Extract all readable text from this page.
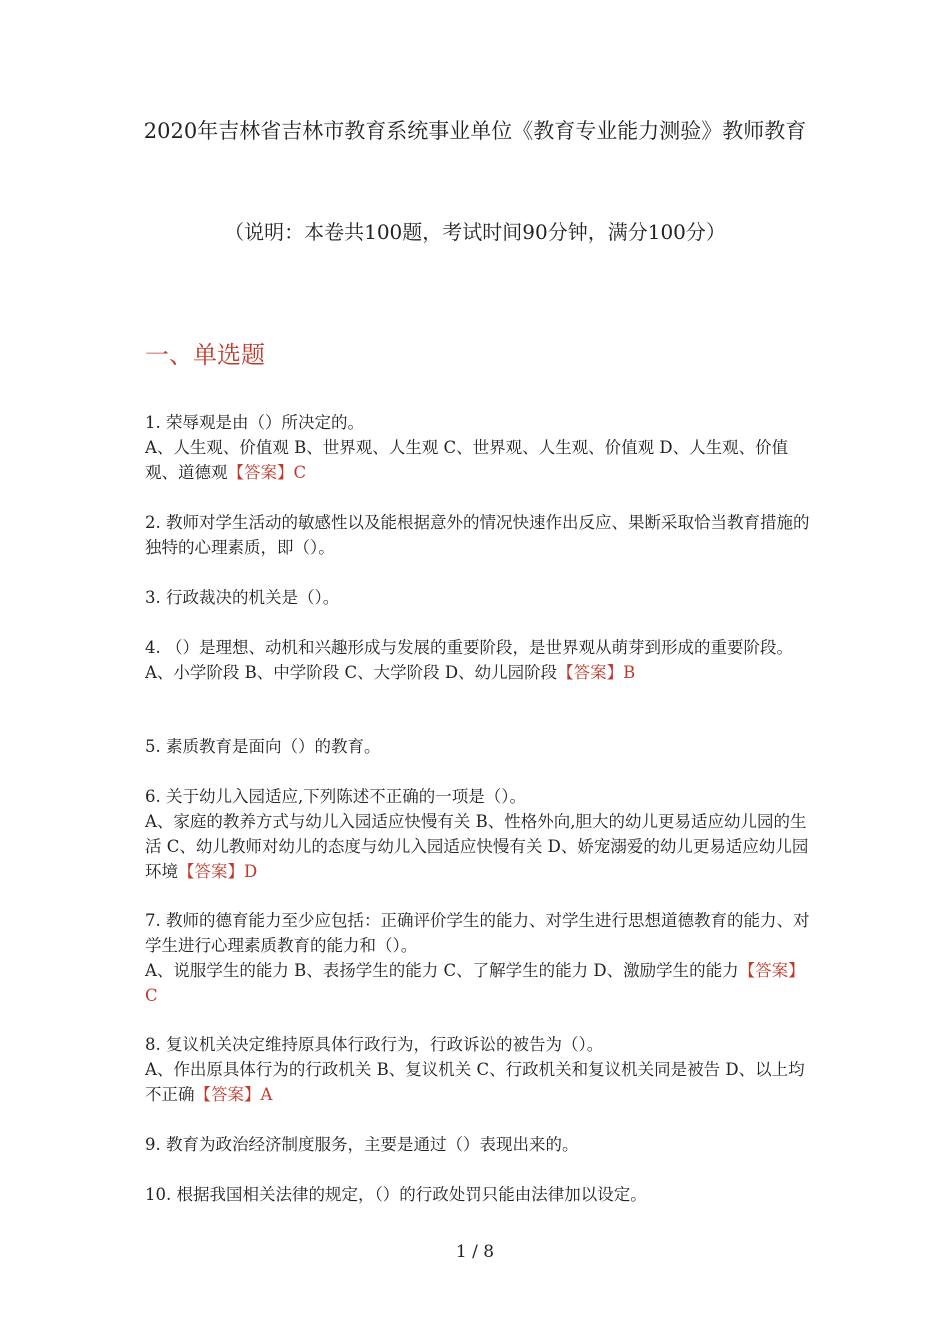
2020年吉林省吉林市教育系统事业单位《教育专业能力测验》教师教育
（说明：本卷共100题，考试时间90分钟，满分100分）
一、单选题

1. 荣辱观是由（）所决定的。

A、人生观、价值观 B、世界观、人生观 C、世界观、人生观、价值观 D、人生观、价值观、道德观【答案】C

2. 教师对学生活动的敏感性以及能根据意外的情况快速作出反应、果断采取恰当教育措施的独特的心理素质，即（）。

3. 行政裁决的机关是（）。

4. （）是理想、动机和兴趣形成与发展的重要阶段，是世界观从萌芽到形成的重要阶段。

A、小学阶段 B、中学阶段 C、大学阶段 D、幼儿园阶段【答案】B

5. 素质教育是面向（）的教育。

6. 关于幼儿入园适应,下列陈述不正确的一项是（）。

A、家庭的教养方式与幼儿入园适应快慢有关 B、性格外向,胆大的幼儿更易适应幼儿园的生活 C、幼儿教师对幼儿的态度与幼儿入园适应快慢有关 D、娇宠溺爱的幼儿更易适应幼儿园环境【答案】D

7. 教师的德育能力至少应包括：正确评价学生的能力、对学生进行思想道德教育的能力、对学生进行心理素质教育的能力和（）。

A、说服学生的能力 B、表扬学生的能力 C、了解学生的能力 D、激励学生的能力【答案】C

8. 复议机关决定维持原具体行政行为，行政诉讼的被告为（）。

A、作出原具体行为的行政机关 B、复议机关 C、行政机关和复议机关同是被告 D、以上均不正确【答案】A

9. 教育为政治经济制度服务，主要是通过（）表现出来的。

10. 根据我国相关法律的规定，（）的行政处罚只能由法律加以设定。

1 / 8
